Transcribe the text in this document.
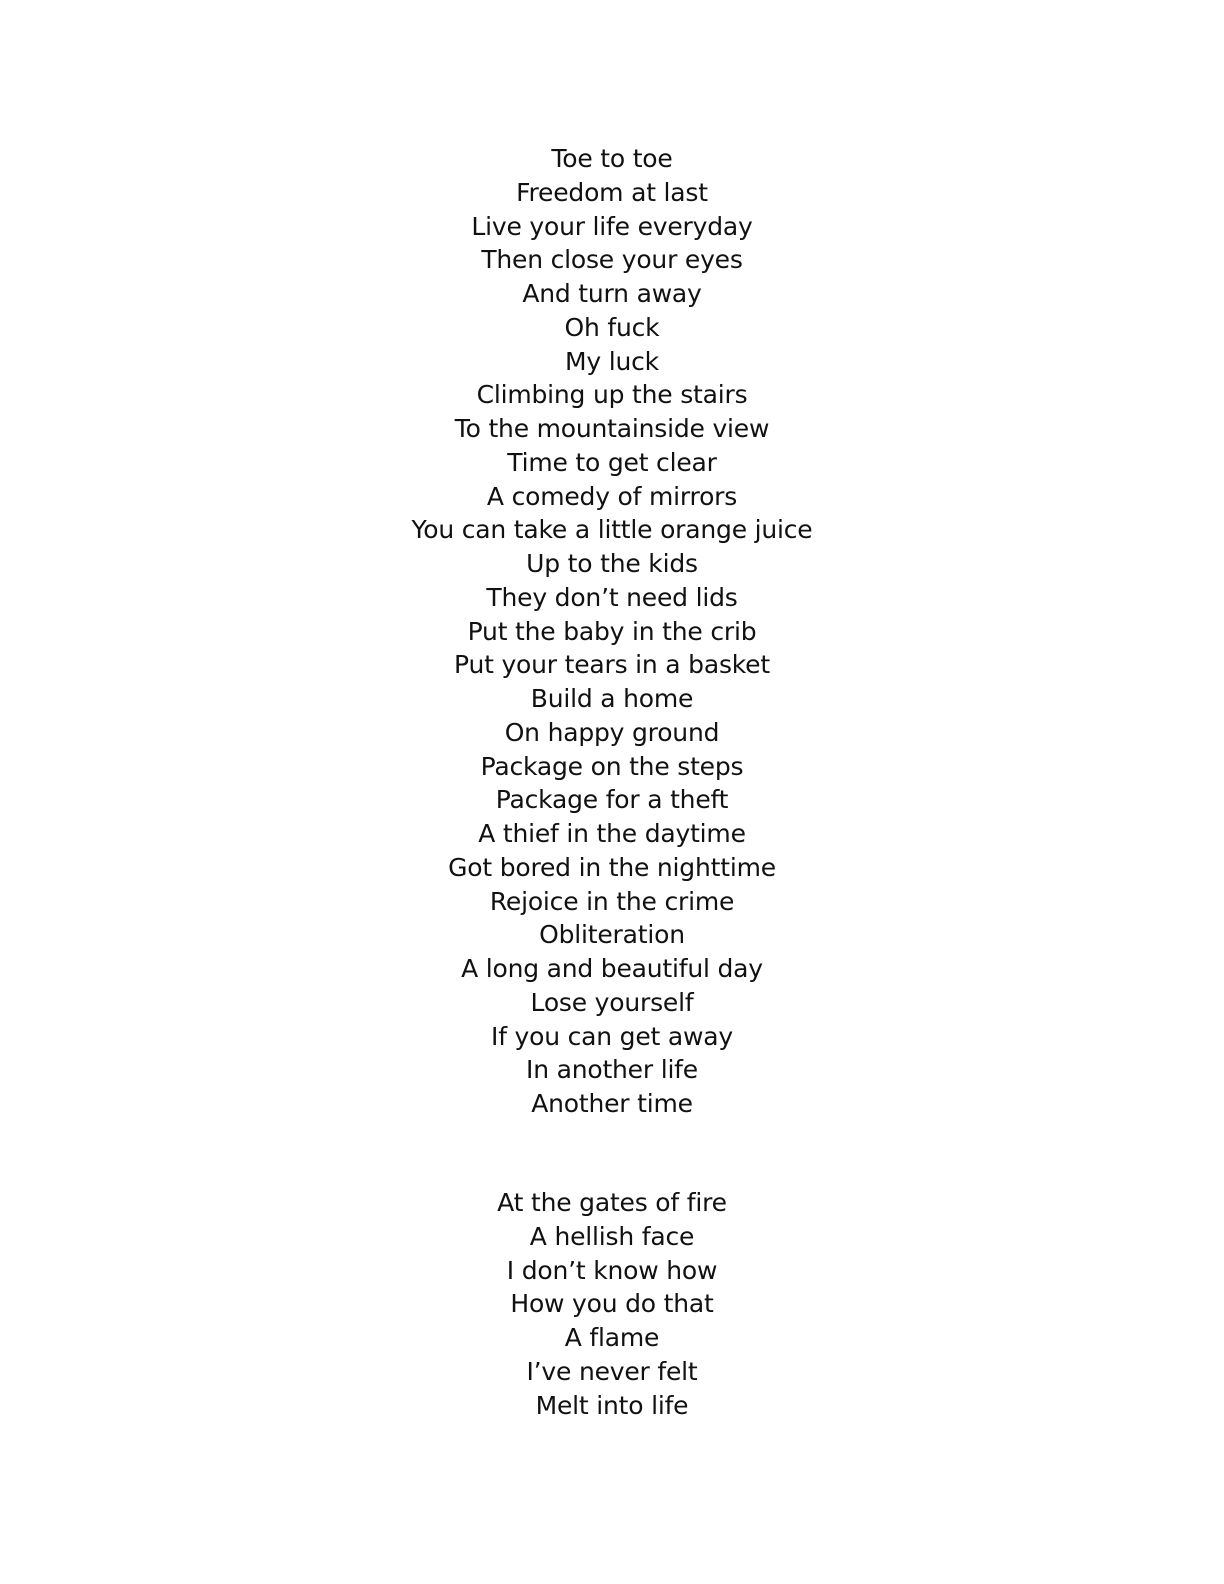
Toe to toe
Freedom at last
Live your life everyday
Then close your eyes
And turn away
Oh fuck
My luck
Climbing up the stairs
To the mountainside view
Time to get clear
A comedy of mirrors
You can take a little orange juice
Up to the kids
They don’t need lids
Put the baby in the crib
Put your tears in a basket
Build a home
On happy ground
Package on the steps
Package for a theft
A thief in the daytime
Got bored in the nighttime
Rejoice in the crime
Obliteration
A long and beautiful day
Lose yourself
If you can get away
In another life
Another time
At the gates of fire
A hellish face
I don’t know how
How you do that
A flame
I’ve never felt
Melt into life
